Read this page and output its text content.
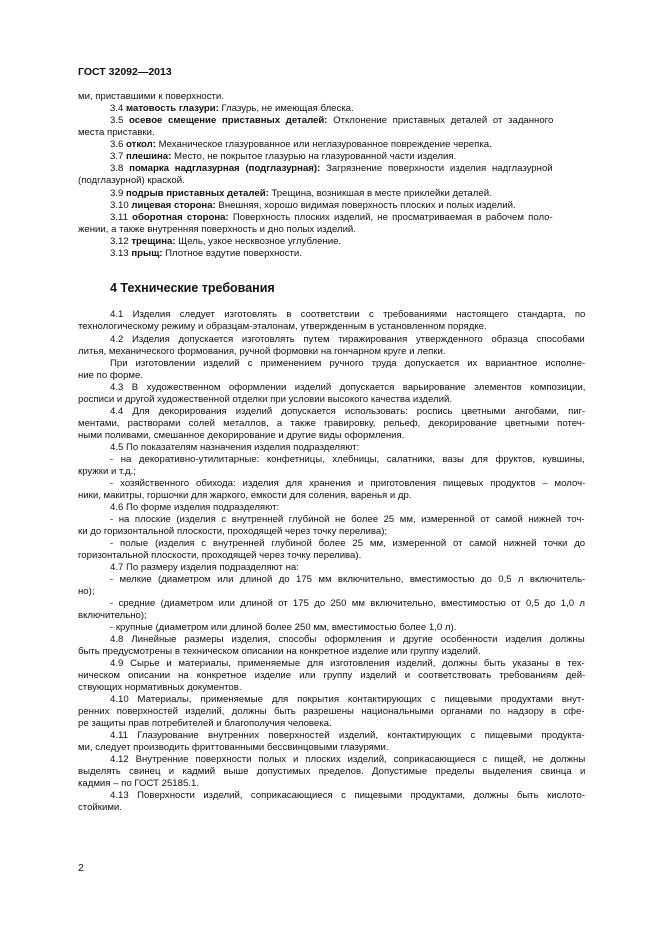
ГОСТ 32092—2013
ми, приставшими к поверхности.
3.4 матовость глазури: Глазурь, не имеющая блеска.
3.5 осевое смещение приставных деталей: Отклонение приставных деталей от заданного
места приставки.
3.6 откол: Механическое глазурованное или неглазурованное повреждение черепка.
3.7 плешина: Место, не покрытое глазурью на глазурованной части изделия.
3.8 помарка надглазурная (подглазурная): Загрязнение поверхности изделия надглазурной
(подглазурной) краской.
3.9 подрыв приставных деталей: Трещина, возникшая в месте приклейки деталей.
3.10 лицевая сторона: Внешняя, хорошо видимая поверхность плоских и полых изделий.
3.11 оборотная сторона: Поверхность плоских изделий, не просматриваемая в рабочем поло-
жении, а также внутренняя поверхность и дно полых изделий.
3.12 трещина: Щель, узкое несквозное углубление.
3.13 прыщ: Плотное вздутие поверхности.
4 Технические требования
4.1 Изделия следует изготовлять в соответствии с требованиями настоящего стандарта, по
технологическому режиму и образцам-эталонам, утвержденным в установленном порядке.
4.2 Изделия допускается изготовлять путем тиражирования утвержденного образца способами
литья, механического формования, ручной формовки на гончарном круге и лепки.
При изготовлении изделий с применением ручного труда допускается их вариантное исполне-
ние по форме.
4.3 В художественном оформлении изделий допускается варьирование элементов композиции,
росписи и другой художественной отделки при условии высокого качества изделий.
4.4 Для декорирования изделий допускается использовать: роспись цветными ангобами, пиг-
ментами, растворами солей металлов, а также гравировку, рельеф, декорирование цветными потеч-
ными поливами, смешанное декорирование и другие виды оформления.
4.5 По показателям назначения изделия подразделяют:
- на декоративно-утилитарные: конфетницы, хлебницы, салатники, вазы для фруктов, кувшины,
кружки и т.д.;
- хозяйственного обихода: изделия для хранения и приготовления пищевых продуктов – молоч-
ники, макитры, горшочки для жаркого, емкости для соления, варенья и др.
4.6 По форме изделия подразделяют:
- на плоские (изделия с внутренней глубиной не более 25 мм, измеренной от самой нижней точ-
ки до горизонтальной плоскости, проходящей через точку перелива);
- полые (изделия с внутренней глубиной более 25 мм, измеренной от самой нижней точки до
горизонтальной плоскости, проходящей через точку перелива).
4.7 По размеру изделия подразделяют на:
- мелкие (диаметром или длиной до 175 мм включительно, вместимостью до 0,5 л включитель-
но);
- средние (диаметром или длиной от 175 до 250 мм включительно, вместимостью от 0,5 до 1,0 л
включительно);
- крупные (диаметром или длиной более 250 мм, вместимостью более 1,0 л).
4.8 Линейные размеры изделия, способы оформления и другие особенности изделия должны
быть предусмотрены в техническом описании на конкретное изделие или группу изделий.
4.9 Сырье и материалы, применяемые для изготовления изделий, должны быть указаны в тех-
ническом описании на конкретное изделие или группу изделий и соответствовать требованиям дей-
ствующих нормативных документов.
4.10 Материалы, применяемые для покрытия контактирующих с пищевыми продуктами внут-
ренних поверхностей изделий, должны быть разрешены национальными органами по надзору в сфе-
ре защиты прав потребителей и благополучия человека.
4.11 Глазурование внутренних поверхностей изделий, контактирующих с пищевыми продукта-
ми, следует производить фриттованными бессвинцовыми глазурями.
4.12 Внутренние поверхности полых и плоских изделий, соприкасающиеся с пищей, не должны
выделять свинец и кадмий выше допустимых пределов. Допустимые пределы выделения свинца и
кадмия – по ГОСТ 25185.1.
4.13 Поверхности изделий, соприкасающиеся с пищевыми продуктами, должны быть кислото-
стойкими.
2
